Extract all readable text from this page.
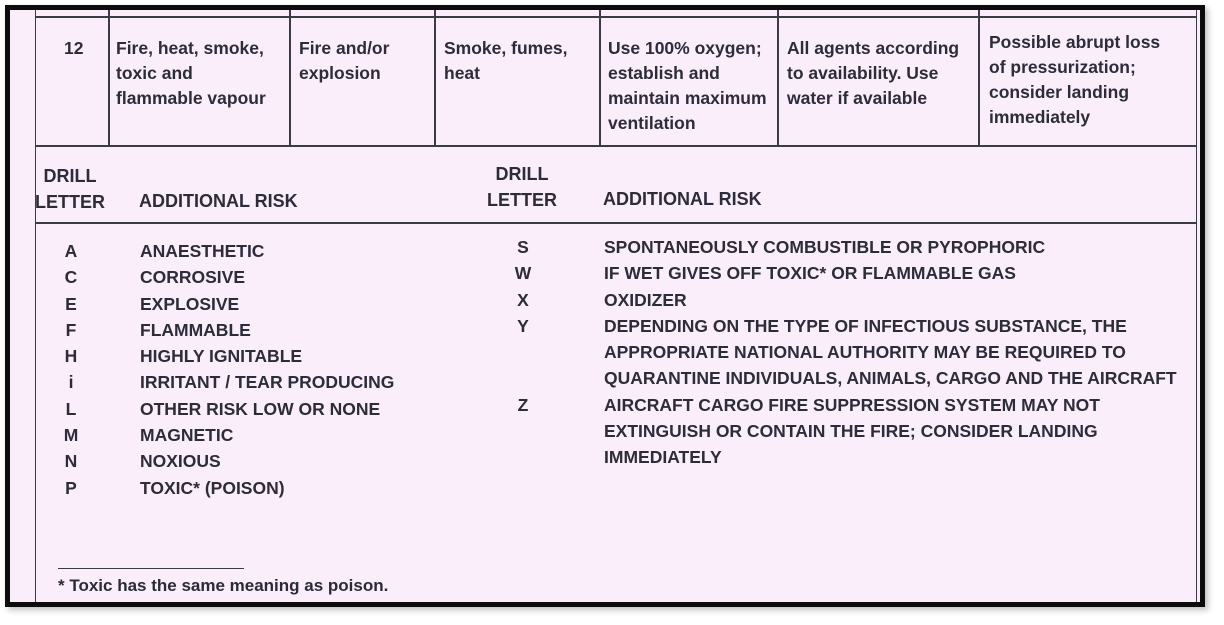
12 Fire, heat, smoke,
toxic and
flammable vapour
Fire and/or
explosion
Smoke, fumes,
heat
Use 100% oxygen;
establish and
maintain maximum
ventilation
All agents according
to availability. Use
water if available
Possible abrupt loss
of pressurization;
consider landing
immediately
DRILL
LETTER ADDITIONAL RISK
DRILL
LETTER	ADDITIONAL RISK
A
C
E
F
H
i
L
M
N
P
ANAESTHETIC
CORROSIVE
EXPLOSIVE
FLAMMABLE
HIGHLY IGNITABLE
IRRITANT / TEAR PRODUCING
OTHER RISK LOW OR NONE
MAGNETIC
NOXIOUS
TOXIC* (POISON)
S
W
X
Y

Z
SPONTANEOUSLY COMBUSTIBLE OR PYROPHORIC
IF WET GIVES OFF TOXIC* OR FLAMMABLE GAS
OXIDIZER
DEPENDING ON THE TYPE OF INFECTIOUS SUBSTANCE, THE
APPROPRIATE NATIONAL AUTHORITY MAY BE REQUIRED TO
QUARANTINE INDIVIDUALS, ANIMALS, CARGO AND THE AIRCRAFT
AIRCRAFT CARGO FIRE SUPPRESSION SYSTEM MAY NOT
EXTINGUISH OR CONTAIN THE FIRE; CONSIDER LANDING
IMMEDIATELY
* Toxic has the same meaning as poison.
